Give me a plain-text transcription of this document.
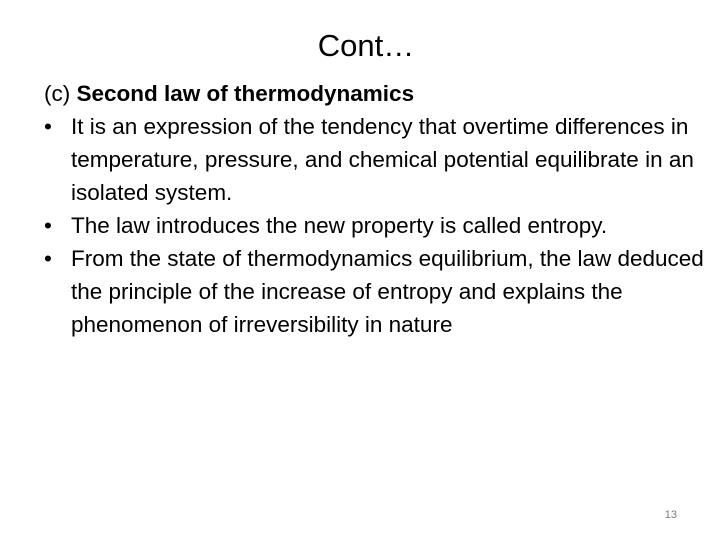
Cont…
(c) Second law of thermodynamics
• It is an expression of the tendency that overtime differences in temperature, pressure, and chemical potential equilibrate in an isolated system.
• The law introduces the new property is called entropy.
• From the state of thermodynamics equilibrium, the law deduced the principle of the increase of entropy and explains the phenomenon of irreversibility in nature
13
